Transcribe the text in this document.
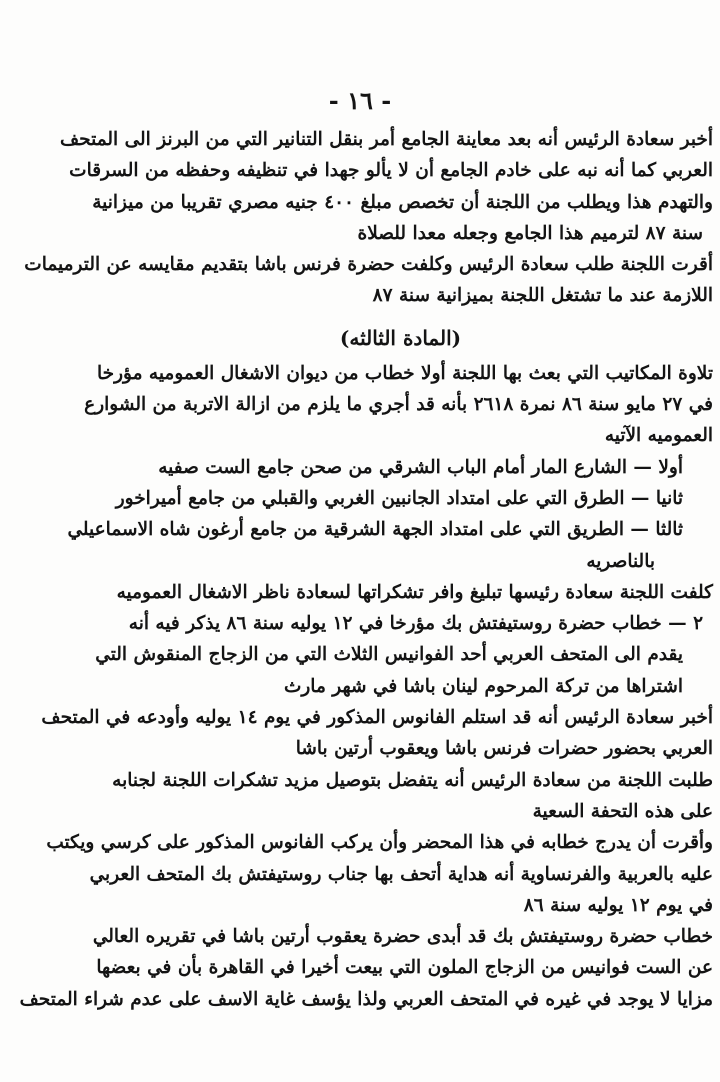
- ١٦ -
أخبر سعادة الرئيس أنه بعد معاينة الجامع أمر بنقل التنانير التي من البرنز الى المتحف
العربي كما أنه نبه على خادم الجامع أن لا يألو جهدا في تنظيفه وحفظه من السرقات
والتهدم هذا ويطلب من اللجنة أن تخصص مبلغ ٤٠٠ جنيه مصري تقريبا من ميزانية
سنة ٨٧ لترميم هذا الجامع وجعله معدا للصلاة
أقرت اللجنة طلب سعادة الرئيس وكلفت حضرة فرنس باشا بتقديم مقايسه عن الترميمات
اللازمة عند ما تشتغل اللجنة بميزانية سنة ٨٧
(المادة الثالثه)
تلاوة المكاتيب التي بعث بها اللجنة أولا خطاب من ديوان الاشغال العموميه مؤرخا
في ٢٧ مايو سنة ٨٦ نمرة ٢٦١٨ بأنه قد أجري ما يلزم من ازالة الاتربة من الشوارع
العموميه الآتيه
أولا — الشارع المار أمام الباب الشرقي من صحن جامع الست صفيه
ثانيا — الطرق التي على امتداد الجانبين الغربي والقبلي من جامع أميراخور
ثالثا — الطريق التي على امتداد الجهة الشرقية من جامع أرغون شاه الاسماعيلي
بالناصريه
كلفت اللجنة سعادة رئيسها تبليغ وافر تشكراتها لسعادة ناظر الاشغال العموميه
٢ — خطاب حضرة روستيفتش بك مؤرخا في ١٢ يوليه سنة ٨٦ يذكر فيه أنه
يقدم الى المتحف العربي أحد الفوانيس الثلاث التي من الزجاج المنقوش التي
اشتراها من تركة المرحوم لينان باشا في شهر مارث
أخبر سعادة الرئيس أنه قد استلم الفانوس المذكور في يوم ١٤ يوليه وأودعه في المتحف
العربي بحضور حضرات فرنس باشا ويعقوب أرتين باشا
طلبت اللجنة من سعادة الرئيس أنه يتفضل بتوصيل مزيد تشكرات اللجنة لجنابه
على هذه التحفة السعية
وأقرت أن يدرج خطابه في هذا المحضر وأن يركب الفانوس المذكور على كرسي ويكتب
عليه بالعربية والفرنساوية أنه هداية أتحف بها جناب روستيفتش بك المتحف العربي
في يوم ١٢ يوليه سنة ٨٦
خطاب حضرة روستيفتش بك قد أبدى حضرة يعقوب أرتين باشا في تقريره العالي
عن الست فوانيس من الزجاج الملون التي بيعت أخيرا في القاهرة بأن في بعضها
مزايا لا يوجد في غيره في المتحف العربي ولذا يؤسف غاية الاسف على عدم شراء المتحف
